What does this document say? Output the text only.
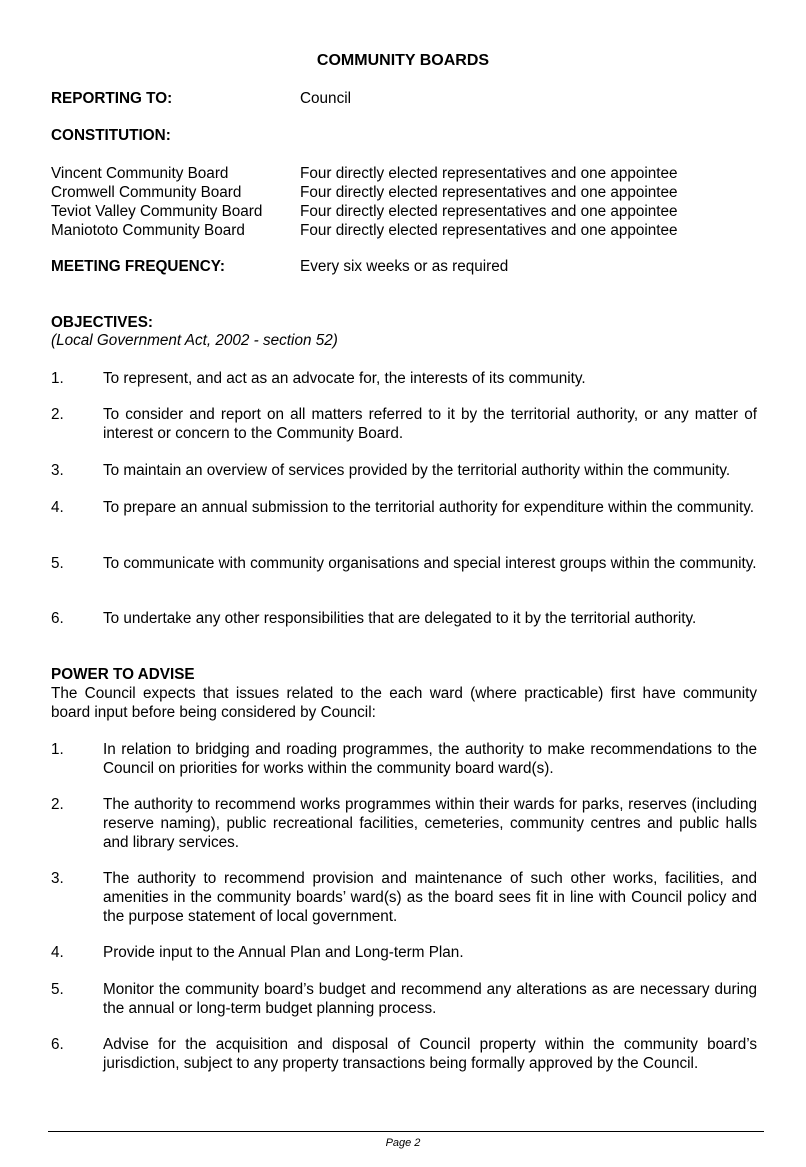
COMMUNITY BOARDS
REPORTING TO:	Council
CONSTITUTION:
Vincent Community Board	Four directly elected representatives and one appointee
Cromwell Community Board	Four directly elected representatives and one appointee
Teviot Valley Community Board Four directly elected representatives and one appointee
Maniototo Community Board	Four directly elected representatives and one appointee
MEETING FREQUENCY:	Every six weeks or as required
OBJECTIVES:
(Local Government Act, 2002 - section 52)
1.	To represent, and act as an advocate for, the interests of its community.
2.	To consider and report on all matters referred to it by the territorial authority, or any matter of interest or concern to the Community Board.
3.	To maintain an overview of services provided by the territorial authority within the community.
4.	To prepare an annual submission to the territorial authority for expenditure within the community.
5.	To communicate with community organisations and special interest groups within the community.
6.	To undertake any other responsibilities that are delegated to it by the territorial authority.
POWER TO ADVISE
The Council expects that issues related to the each ward (where practicable) first have community board input before being considered by Council:
1.	In relation to bridging and roading programmes, the authority to make recommendations to the Council on priorities for works within the community board ward(s).
2.	The authority to recommend works programmes within their wards for parks, reserves (including reserve naming), public recreational facilities, cemeteries, community centres and public halls and library services.
3.	The authority to recommend provision and maintenance of such other works, facilities, and amenities in the community boards’ ward(s) as the board sees fit in line with Council policy and the purpose statement of local government.
4.	Provide input to the Annual Plan and Long-term Plan.
5.	Monitor the community board’s budget and recommend any alterations as are necessary during the annual or long-term budget planning process.
6.	Advise for the acquisition and disposal of Council property within the community board’s jurisdiction, subject to any property transactions being formally approved by the Council.
Page 2
